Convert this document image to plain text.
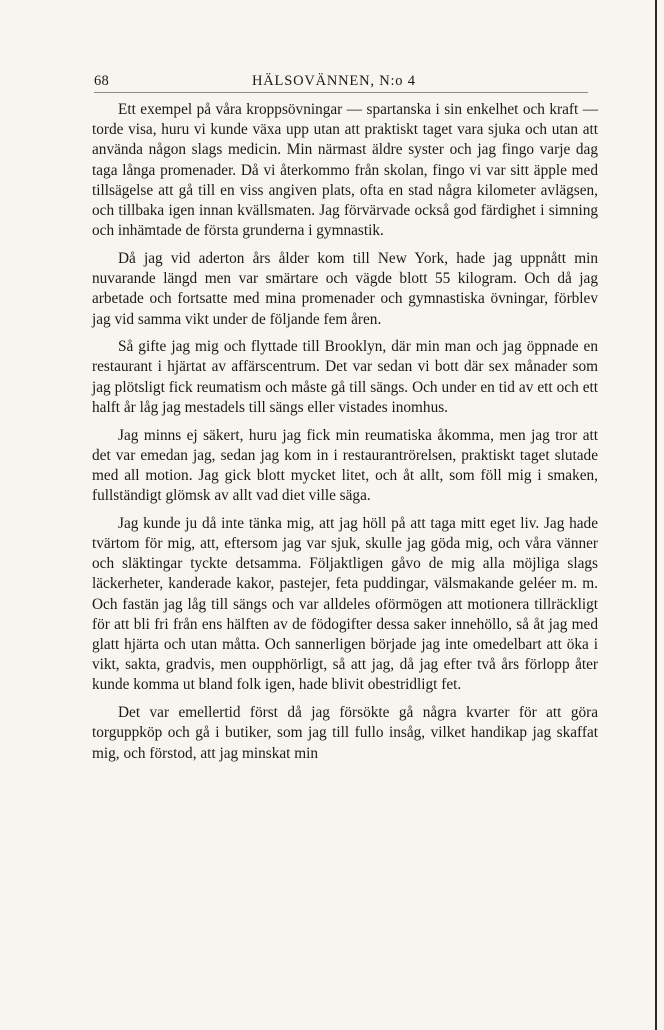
68	HÄLSOVÄNNEN, N:o 4

Ett exempel på våra kroppsövningar — spartanska i sin enkelhet och kraft — torde visa, huru vi kunde växa upp utan att praktiskt taget vara sjuka och utan att använda någon slags medicin. Min närmast äldre syster och jag fingo varje dag taga långa promenader. Då vi återkommo från skolan, fingo vi var sitt äpple med tillsägelse att gå till en viss angiven plats, ofta en stad några kilometer avlägsen, och tillbaka igen innan kvällsmaten. Jag förvärvade också god färdighet i simning och inhämtade de första grunderna i gymnastik.

Då jag vid aderton års ålder kom till New York, hade jag uppnått min nuvarande längd men var smärtare och vägde blott 55 kilogram. Och då jag arbetade och fortsatte med mina promenader och gymnastiska övningar, förblev jag vid samma vikt under de följande fem åren.

Så gifte jag mig och flyttade till Brooklyn, där min man och jag öppnade en restaurant i hjärtat av affärscentrum. Det var sedan vi bott där sex månader som jag plötsligt fick reumatism och måste gå till sängs. Och under en tid av ett och ett halft år låg jag mestadels till sängs eller vistades inomhus.

Jag minns ej säkert, huru jag fick min reumatiska åkomma, men jag tror att det var emedan jag, sedan jag kom in i restaurantrörelsen, praktiskt taget slutade med all motion. Jag gick blott mycket litet, och åt allt, som föll mig i smaken, fullständigt glömsk av allt vad diet ville säga.

Jag kunde ju då inte tänka mig, att jag höll på att taga mitt eget liv. Jag hade tvärtom för mig, att, eftersom jag var sjuk, skulle jag göda mig, och våra vänner och släktingar tyckte detsamma. Följaktligen gåvo de mig alla möjliga slags läckerheter, kanderade kakor, pastejer, feta puddingar, välsmakande geléer m. m. Och fastän jag låg till sängs och var alldeles oförmögen att motionera tillräckligt för att bli fri från ens hälften av de födogifter dessa saker innehöllo, så åt jag med glatt hjärta och utan måtta. Och sannerligen började jag inte omedelbart att öka i vikt, sakta, gradvis, men oupphörligt, så att jag, då jag efter två års förlopp åter kunde komma ut bland folk igen, hade blivit obestridligt fet.

Det var emellertid först då jag försökte gå några kvarter för att göra torguppköp och gå i butiker, som jag till fullo insåg, vilket handikap jag skaffat mig, och förstod, att jag minskat min
